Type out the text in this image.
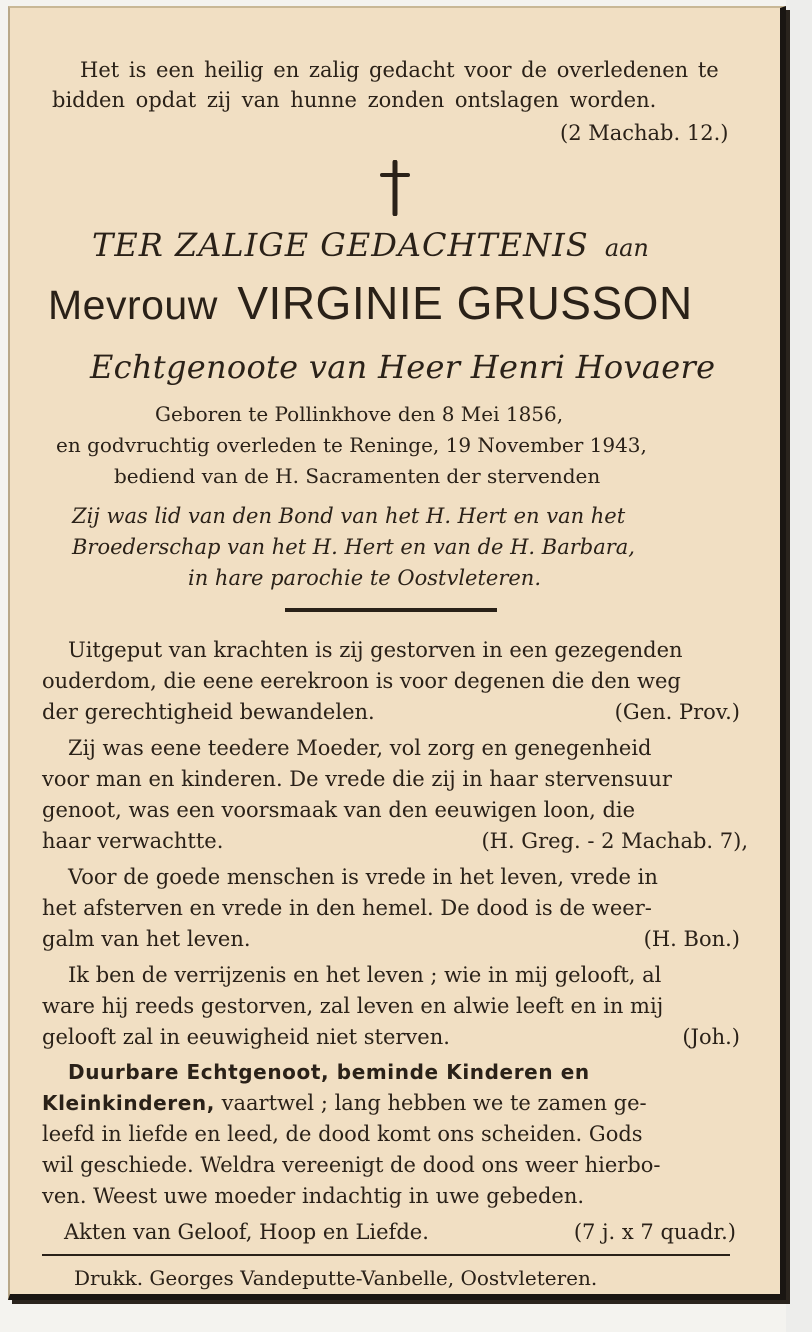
Het is een heilig en zalig gedacht voor de overledenen te
bidden opdat zij van hunne zonden ontslagen worden.
(2 Machab. 12.)
TER ZALIGE GEDACHTENIS aan
Mevrouw VIRGINIE GRUSSON
Echtgenoote van Heer Henri Hovaere
Geboren te Pollinkhove den 8 Mei 1856,
en godvruchtig overleden te Reninge, 19 November 1943,
bediend van de H. Sacramenten der stervenden
Zij was lid van den Bond van het H. Hert en van het
Broederschap van het H. Hert en van de H. Barbara,
in hare parochie te Oostvleteren.
Uitgeput van krachten is zij gestorven in een gezegenden
ouderdom, die eene eerekroon is voor degenen die den weg
der gerechtigheid bewandelen.	(Gen. Prov.)
Zij was eene teedere Moeder, vol zorg en genegenheid
voor man en kinderen. De vrede die zij in haar stervensuur
genoot, was een voorsmaak van den eeuwigen loon, die
haar verwachtte.	(H. Greg. - 2 Machab. 7),
Voor de goede menschen is vrede in het leven, vrede in
het afsterven en vrede in den hemel. De dood is de weer-
galm van het leven.	(H. Bon.)
Ik ben de verrijzenis en het leven ; wie in mij gelooft, al
ware hij reeds gestorven, zal leven en alwie leeft en in mij
gelooft zal in eeuwigheid niet sterven.	(Joh.)
Duurbare Echtgenoot, beminde Kinderen en
Kleinkinderen, vaartwel ; lang hebben we te zamen ge-
leefd in liefde en leed, de dood komt ons scheiden. Gods
wil geschiede. Weldra vereenigt de dood ons weer hierbo-
ven. Weest uwe moeder indachtig in uwe gebeden.
Akten van Geloof, Hoop en Liefde.	(7 j. x 7 quadr.)
Drukk. Georges Vandeputte-Vanbelle, Oostvleteren.
